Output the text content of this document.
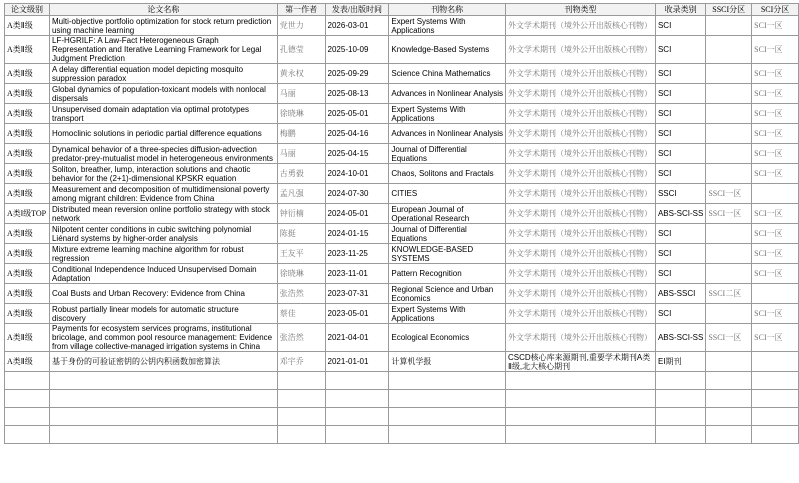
论文级别	论文名称	第一作者	发表/出版时间	刊物名称	刊物类型	收录类别	SSCI分区	SCI分区
A类Ⅱ级	Multi-objective portfolio optimization for stock return prediction using machine learning	党世力	2026-03-01	Expert Systems With Applications	外文学术期刊（境外公开出版核心刊物）	SCI		SCI一区
A类Ⅱ级	LF-HGRILF: A Law-Fact Heterogeneous Graph Representation and Iterative Learning Framework for Legal Judgment Prediction	孔德莹	2025-10-09	Knowledge-Based Systems	外文学术期刊（境外公开出版核心刊物）	SCI		SCI一区
A类Ⅱ级	A delay differential equation model depicting mosquito suppression paradox	黄永权	2025-09-29	Science China Mathematics	外文学术期刊（境外公开出版核心刊物）	SCI		SCI一区
A类Ⅱ级	Global dynamics of population-toxicant models with nonlocal dispersals	马丽	2025-08-13	Advances in Nonlinear Analysis	外文学术期刊（境外公开出版核心刊物）	SCI		SCI一区
A类Ⅱ级	Unsupervised domain adaptation via optimal prototypes transport	徐晓琳	2025-05-01	Expert Systems With Applications	外文学术期刊（境外公开出版核心刊物）	SCI		SCI一区
A类Ⅱ级	Homoclinic solutions in periodic partial difference equations	梅鹏	2025-04-16	Advances in Nonlinear Analysis	外文学术期刊（境外公开出版核心刊物）	SCI		SCI一区
A类Ⅱ级	Dynamical behavior of a three-species diffusion-advection predator-prey-mutualist model in heterogeneous environments	马丽	2025-04-15	Journal of Differential Equations	外文学术期刊（境外公开出版核心刊物）	SCI		SCI一区
A类Ⅱ级	Soliton, breather, lump, interaction solutions and chaotic behavior for the (2+1)-dimensional KPSKR equation	古勇毅	2024-10-01	Chaos, Solitons and Fractals	外文学术期刊（境外公开出版核心刊物）	SCI		SCI一区
A类Ⅱ级	Measurement and decomposition of multidimensional poverty among migrant children: Evidence from China	孟凡强	2024-07-30	CITIES	外文学术期刊（境外公开出版核心刊物）	SSCI	SSCI一区	
A类Ⅰ级TOP	Distributed mean reversion online portfolio strategy with stock network	钟衍楠	2024-05-01	European Journal of Operational Research	外文学术期刊（境外公开出版核心刊物）	ABS-SCI-SS	SSCI一区	SCI一区
A类Ⅱ级	Nilpotent center conditions in cubic switching polynomial Liénard systems by higher-order analysis	陈挺	2024-01-15	Journal of Differential Equations	外文学术期刊（境外公开出版核心刊物）	SCI		SCI一区
A类Ⅱ级	Mixture extreme learning machine algorithm for robust regression	王友平	2023-11-25	KNOWLEDGE-BASED SYSTEMS	外文学术期刊（境外公开出版核心刊物）	SCI		SCI一区
A类Ⅱ级	Conditional Independence Induced Unsupervised Domain Adaptation	徐晓琳	2023-11-01	Pattern Recognition	外文学术期刊（境外公开出版核心刊物）	SCI		SCI一区
A类Ⅱ级	Coal Busts and Urban Recovery: Evidence from China	张浩然	2023-07-31	Regional Science and Urban Economics	外文学术期刊（境外公开出版核心刊物）	ABS-SSCI	SSCI二区	
A类Ⅱ级	Robust partially linear models for automatic structure discovery	蔡佳	2023-05-01	Expert Systems With Applications	外文学术期刊（境外公开出版核心刊物）	SCI		SCI一区
A类Ⅱ级	Payments for ecosystem services programs, institutional bricolage, and common pool resource management: Evidence from village collective-managed irrigation systems in China	张浩然	2021-04-01	Ecological Economics	外文学术期刊（境外公开出版核心刊物）	ABS-SCI-SS	SSCI一区	SCI一区
A类Ⅱ级	基于身份的可验证密钥的公钥内积函数加密算法	邓宇乔	2021-01-01	计算机学报	CSCD核心库来源期刊,重要学术期刊A类Ⅱ级,北大核心期刊	EI期刊		
